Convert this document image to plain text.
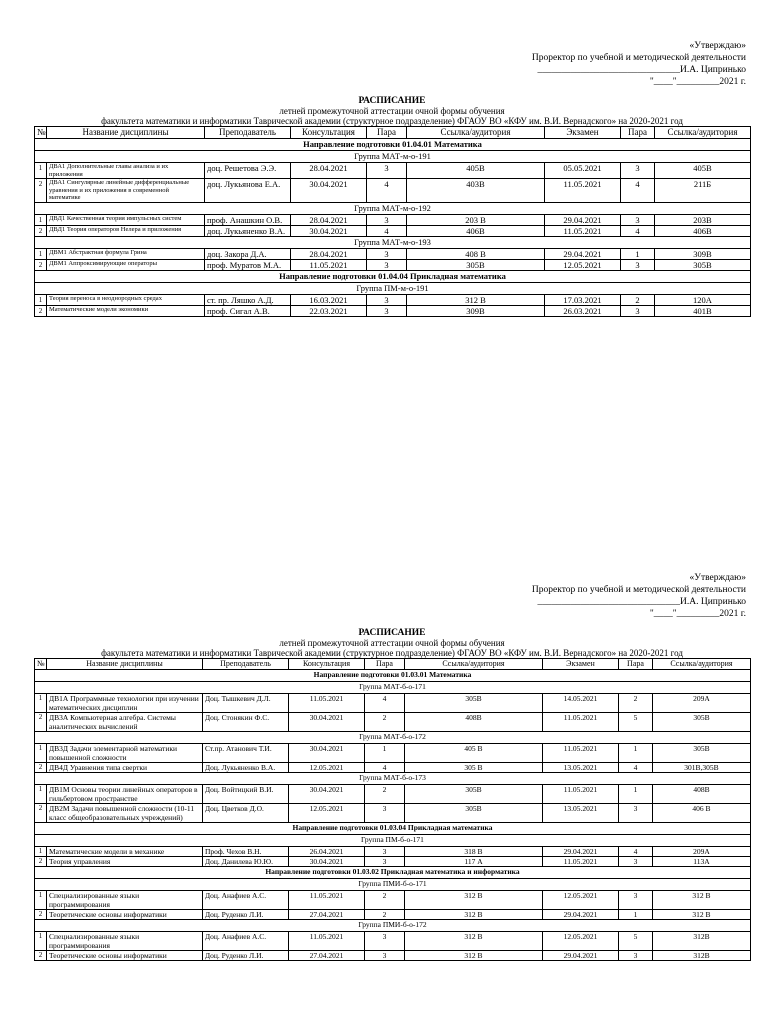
«Утверждаю»
Проректор по учебной и методической деятельности
______________________________И.А. Ципринько
"____"_________2021 г.
РАСПИСАНИЕ
летней промежуточной аттестации очной формы обучения
факультета математики и информатики Таврической академии (структурное подразделение) ФГАОУ ВО «КФУ им. В.И. Вернадского» на 2020-2021 год
№	Название дисциплины	Преподаватель	Консультация	Пара	Ссылка/аудитория	Экзамен	Пара	Ссылка/аудитория
Направление подготовки 01.04.01 Математика								
Группа МАТ-м-о-191								
1	ДВА1 Дополнительные главы анализа и их приложения	доц. Решетова Э.Э.	28.04.2021	3	405В	05.05.2021	3	405В
2	ДВА1 Сингулярные линейные дифференциальные уравнения и их приложения в современной математике	доц. Лукьянова Е.А.	30.04.2021	4	403В	11.05.2021	4	211Б
Группа МАТ-м-о-192								
1	ДВД1 Качественная теория импульсных систем	проф. Анашкин О.В.	28.04.2021	3	203 В	29.04.2021	3	203В
2	ДВД1 Теория операторов Нелера и приложения	доц. Лукьяненко В.А.	30.04.2021	4	406В	11.05.2021	4	406В
Группа МАТ-м-о-193								
1	ДВМ1 Абстрактная формула Грина	доц. Закора Д.А.	28.04.2021	3	408 В	29.04.2021	1	309В
2	ДВМ1 Аппроксимирующие операторы	проф. Муратов М.А.	11.05.2021	3	305В	12.05.2021	3	305В
Направление подготовки 01.04.04 Прикладная математика								
Группа ПМ-м-о-191								
1	Теория переноса в неоднородных средах	ст. пр. Ляшко А.Д.	16.03.2021	3	312 В	17.03.2021	2	120А
2	Математические модели экономики	проф. Сигал А.В.	22.03.2021	3	309В	26.03.2021	3	401В
«Утверждаю»
Проректор по учебной и методической деятельности
______________________________И.А. Ципринько
"____"_________2021 г.
РАСПИСАНИЕ
летней промежуточной аттестации очной формы обучения
факультета математики и информатики Таврической академии (структурное подразделение) ФГАОУ ВО «КФУ им. В.И. Вернадского» на 2020-2021 год
№	Название дисциплины	Преподаватель	Консультация	Пара	Ссылка/аудитория	Экзамен	Пара	Ссылка/аудитория
Направление подготовки 01.03.01 Математика								
Группа МАТ-б-о-171								
1	ДВ1А Программные технологии при изучении математических дисциплин	Доц. Тышкевич Д.Л.	11.05.2021	4	305В	14.05.2021	2	209А
2	ДВ3А Компьютерная алгебра. Системы аналитических вычислений	Доц. Стонякин Ф.С.	30.04.2021	2	408В	11.05.2021	5	305В
Группа МАТ-б-о-172								
1	ДВ3Д Задачи элементарной математики повышенной сложности	Ст.пр. Атанович Т.И.	30.04.2021	1	405 В	11.05.2021	1	305В
2	ДВ4Д Уравнения типа свертки	Доц. Лукьяненко В.А.	12.05.2021	4	305 В	13.05.2021	4	301В,305В
Группа МАТ-б-о-173								
1	ДВ1М Основы теории линейных операторов в гильбертовом пространстве	Доц. Войтицкий В.И.	30.04.2021	2	305В	11.05.2021	1	408В
2	ДВ2М Задачи повышенной сложности (10-11 класс общеобразовательных учреждений)	Доц. Цветков Д.О.	12.05.2021	3	305В	13.05.2021	3	406 В
Направление подготовки 01.03.04 Прикладная математика								
Группа ПМ-б-о-171								
1	Математические модели в механике	Проф. Чехов В.Н.	26.04.2021	3	318 В	29.04.2021	4	209А
2	Теория управления	Доц. Данилева Ю.Ю.	30.04.2021	3	117 А	11.05.2021	3	113А
Направление подготовки 01.03.02 Прикладная математика и информатика								
Группа ПМИ-б-о-171								
1	Специализированные языки программирования	Доц. Анафиев А.С.	11.05.2021	2	312 В	12.05.2021	3	312 В
2	Теоретические основы информатики	Доц. Руденко Л.И.	27.04.2021	2	312 В	29.04.2021	1	312 В
Группа ПМИ-б-о-172								
1	Специализированные языки программирования	Доц. Анафиев А.С.	11.05.2021	3	312 В	12.05.2021	5	312В
2	Теоретические основы информатики	Доц. Руденко Л.И.	27.04.2021	3	312 В	29.04.2021	3	312В
